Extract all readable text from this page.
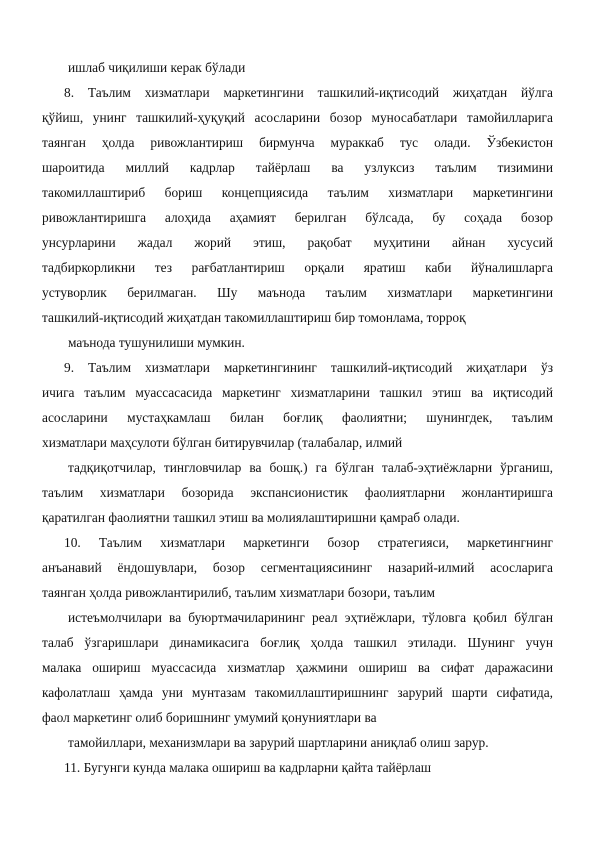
ишлаб чиқилиши керак бўлади
8. Таълим хизматлари маркетингини ташкилий-иқтисодий жиҳатдан йўлга
қўйиш, унинг ташкилий-ҳуқуқий асосларини бозор муносабатлари тамойилларига
таянган ҳолда ривожлантириш бирмунча мураккаб тус олади. Ўзбекистон
шароитида миллий кадрлар тайёрлаш ва узлуксиз таълим тизимини
такомиллаштириб бориш концепциясида таълим хизматлари маркетингини
ривожлантиришга алоҳида аҳамият берилган бўлсада, бу соҳада бозор
унсурларини жадал жорий этиш, рақобат муҳитини айнан хусусий
тадбиркорликни тез рағбатлантириш орқали яратиш каби йўналишларга
устуворлик берилмаган. Шу маънода таълим хизматлари маркетингини
ташкилий-иқтисодий жиҳатдан такомиллаштириш бир томонлама, торроқ
маънода тушунилиши мумкин.
9. Таълим хизматлари маркетингининг ташкилий-иқтисодий жиҳатлари ўз
ичига таълим муассасасида маркетинг хизматларини ташкил этиш ва иқтисодий
асосларини мустаҳкамлаш билан боғлиқ фаолиятни; шунингдек, таълим
хизматлари маҳсулоти бўлган битирувчилар (талабалар, илмий
тадқиқотчилар, тингловчилар ва бошқ.) га бўлган талаб-эҳтиёжларни ўрганиш,
таълим хизматлари бозорида экспансионистик фаолиятларни жонлантиришга
қаратилган фаолиятни ташкил этиш ва молиялаштиришни қамраб олади.
10. Таълим хизматлари маркетинги бозор стратегияси, маркетингнинг
анъанавий ёндошувлари, бозор сегментациясининг назарий-илмий асосларига
таянган ҳолда ривожлантирилиб, таълим хизматлари бозори, таълим
истеъмолчилари ва буюртмачиларининг реал эҳтиёжлари, тўловга қобил бўлган
талаб ўзгаришлари динамикасига боғлиқ ҳолда ташкил этилади. Шунинг учун
малака ошириш муассасида хизматлар ҳажмини ошириш ва сифат даражасини
кафолатлаш ҳамда уни мунтазам такомиллаштиришнинг зарурий шарти сифатида,
фаол маркетинг олиб боришнинг умумий қонуниятлари ва
тамойиллари, механизмлари ва зарурий шартларини аниқлаб олиш зарур.
11. Бугунги кунда малака ошириш ва кадрларни қайта тайёрлаш
